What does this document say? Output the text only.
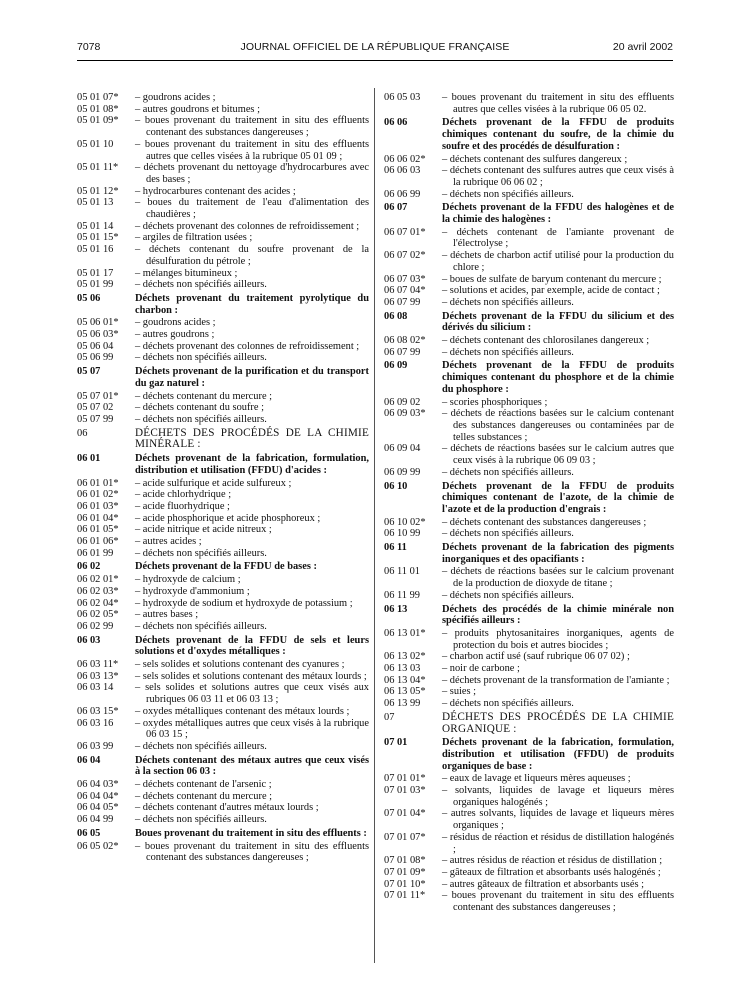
7078	JOURNAL OFFICIEL DE LA RÉPUBLIQUE FRANÇAISE	20 avril 2002
05 01 07*	– goudrons acides ;
05 01 08*	– autres goudrons et bitumes ;
05 01 09*	– boues provenant du traitement in situ des effluents contenant des substances dangereuses ;
05 01 10	– boues provenant du traitement in situ des effluents autres que celles visées à la rubrique 05 01 09 ;
05 01 11*	– déchets provenant du nettoyage d'hydrocarbures avec des bases ;
05 01 12*	– hydrocarbures contenant des acides ;
05 01 13	– boues du traitement de l'eau d'alimentation des chaudières ;
05 01 14	– déchets provenant des colonnes de refroidissement ;
05 01 15*	– argiles de filtration usées ;
05 01 16	– déchets contenant du soufre provenant de la désulfuration du pétrole ;
05 01 17	– mélanges bitumineux ;
05 01 99	– déchets non spécifiés ailleurs.
05 06	Déchets provenant du traitement pyrolytique du charbon :
05 06 01*	– goudrons acides ;
05 06 03*	– autres goudrons ;
05 06 04	– déchets provenant des colonnes de refroidissement ;
05 06 99	– déchets non spécifiés ailleurs.
05 07	Déchets provenant de la purification et du transport du gaz naturel :
05 07 01*	– déchets contenant du mercure ;
05 07 02	– déchets contenant du soufre ;
05 07 99	– déchets non spécifiés ailleurs.
06	DÉCHETS DES PROCÉDÉS DE LA CHIMIE MINÉRALE :
06 01	Déchets provenant de la fabrication, formulation, distribution et utilisation (FFDU) d'acides :
06 01 01*	– acide sulfurique et acide sulfureux ;
06 01 02*	– acide chlorhydrique ;
06 01 03*	– acide fluorhydrique ;
06 01 04*	– acide phosphorique et acide phosphoreux ;
06 01 05*	– acide nitrique et acide nitreux ;
06 01 06*	– autres acides ;
06 01 99	– déchets non spécifiés ailleurs.
06 02	Déchets provenant de la FFDU de bases :
06 02 01*	– hydroxyde de calcium ;
06 02 03*	– hydroxyde d'ammonium ;
06 02 04*	– hydroxyde de sodium et hydroxyde de potassium ;
06 02 05*	– autres bases ;
06 02 99	– déchets non spécifiés ailleurs.
06 03	Déchets provenant de la FFDU de sels et leurs solutions et d'oxydes métalliques :
06 03 11*	– sels solides et solutions contenant des cyanures ;
06 03 13*	– sels solides et solutions contenant des métaux lourds ;
06 03 14	– sels solides et solutions autres que ceux visés aux rubriques 06 03 11 et 06 03 13 ;
06 03 15*	– oxydes métalliques contenant des métaux lourds ;
06 03 16	– oxydes métalliques autres que ceux visés à la rubrique 06 03 15 ;
06 03 99	– déchets non spécifiés ailleurs.
06 04	Déchets contenant des métaux autres que ceux visés à la section 06 03 :
06 04 03*	– déchets contenant de l'arsenic ;
06 04 04*	– déchets contenant du mercure ;
06 04 05*	– déchets contenant d'autres métaux lourds ;
06 04 99	– déchets non spécifiés ailleurs.
06 05	Boues provenant du traitement in situ des effluents :
06 05 02*	– boues provenant du traitement in situ des effluents contenant des substances dangereuses ;
06 05 03	– boues provenant du traitement in situ des effluents autres que celles visées à la rubrique 06 05 02.
06 06	Déchets provenant de la FFDU de produits chimiques contenant du soufre, de la chimie du soufre et des procédés de désulfuration :
06 06 02*	– déchets contenant des sulfures dangereux ;
06 06 03	– déchets contenant des sulfures autres que ceux visés à la rubrique 06 06 02 ;
06 06 99	– déchets non spécifiés ailleurs.
06 07	Déchets provenant de la FFDU des halogènes et de la chimie des halogènes :
06 07 01*	– déchets contenant de l'amiante provenant de l'électrolyse ;
06 07 02*	– déchets de charbon actif utilisé pour la production du chlore ;
06 07 03*	– boues de sulfate de baryum contenant du mercure ;
06 07 04*	– solutions et acides, par exemple, acide de contact ;
06 07 99	– déchets non spécifiés ailleurs.
06 08	Déchets provenant de la FFDU du silicium et des dérivés du silicium :
06 08 02*	– déchets contenant des chlorosilanes dangereux ;
06 07 99	– déchets non spécifiés ailleurs.
06 09	Déchets provenant de la FFDU de produits chimiques contenant du phosphore et de la chimie du phosphore :
06 09 02	– scories phosphoriques ;
06 09 03*	– déchets de réactions basées sur le calcium contenant des substances dangereuses ou contaminées par de telles substances ;
06 09 04	– déchets de réactions basées sur le calcium autres que ceux visés à la rubrique 06 09 03 ;
06 09 99	– déchets non spécifiés ailleurs.
06 10	Déchets provenant de la FFDU de produits chimiques contenant de l'azote, de la chimie de l'azote et de la production d'engrais :
06 10 02*	– déchets contenant des substances dangereuses ;
06 10 99	– déchets non spécifiés ailleurs.
06 11	Déchets provenant de la fabrication des pigments inorganiques et des opacifiants :
06 11 01	– déchets de réactions basées sur le calcium provenant de la production de dioxyde de titane ;
06 11 99	– déchets non spécifiés ailleurs.
06 13	Déchets des procédés de la chimie minérale non spécifiés ailleurs :
06 13 01*	– produits phytosanitaires inorganiques, agents de protection du bois et autres biocides ;
06 13 02*	– charbon actif usé (sauf rubrique 06 07 02) ;
06 13 03	– noir de carbone ;
06 13 04*	– déchets provenant de la transformation de l'amiante ;
06 13 05*	– suies ;
06 13 99	– déchets non spécifiés ailleurs.
07	DÉCHETS DES PROCÉDÉS DE LA CHIMIE ORGANIQUE :
07 01	Déchets provenant de la fabrication, formulation, distribution et utilisation (FFDU) de produits organiques de base :
07 01 01*	– eaux de lavage et liqueurs mères aqueuses ;
07 01 03*	– solvants, liquides de lavage et liqueurs mères organiques halogénés ;
07 01 04*	– autres solvants, liquides de lavage et liqueurs mères organiques ;
07 01 07*	– résidus de réaction et résidus de distillation halogénés ;
07 01 08*	– autres résidus de réaction et résidus de distillation ;
07 01 09*	– gâteaux de filtration et absorbants usés halogénés ;
07 01 10*	– autres gâteaux de filtration et absorbants usés ;
07 01 11*	– boues provenant du traitement in situ des effluents contenant des substances dangereuses ;
